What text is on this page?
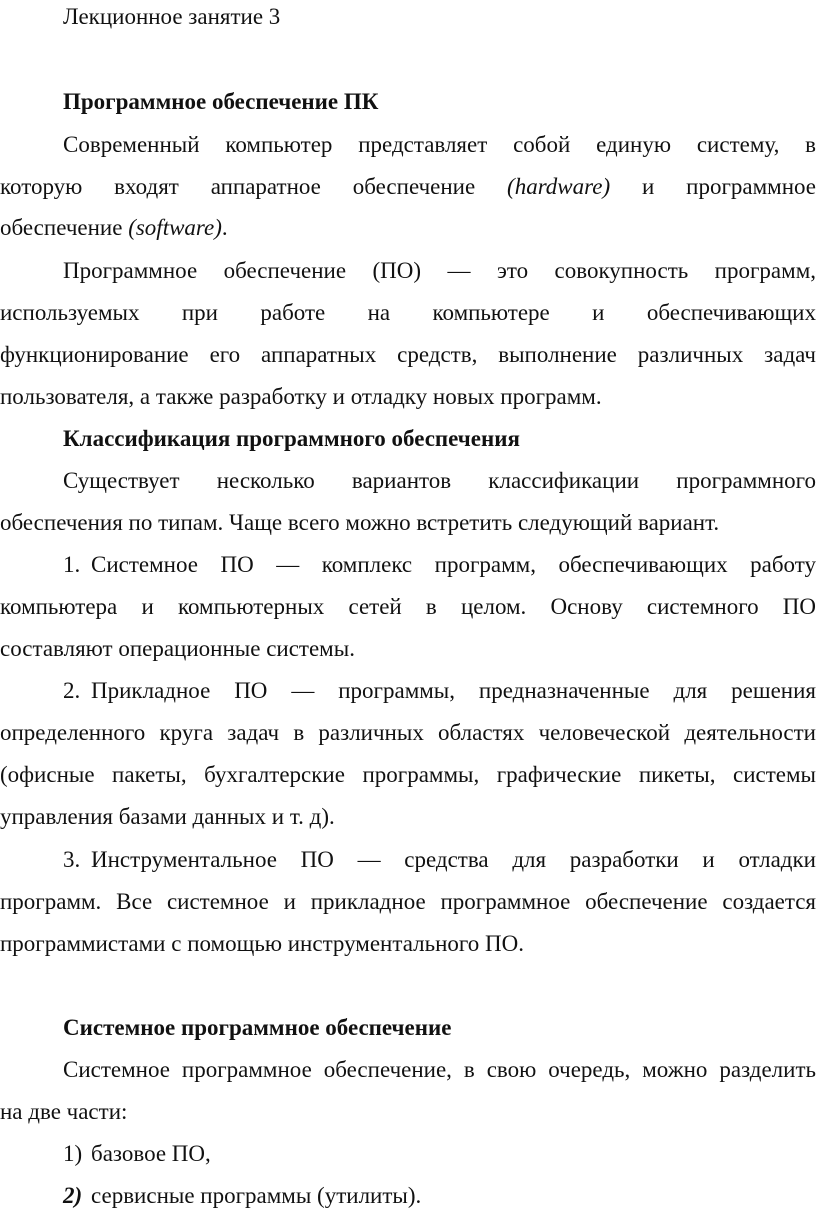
Лекционное занятие 3
Программное обеспечение ПК
Современный компьютер представляет собой единую систему, в
которую входят аппаратное обеспечение (hardware) и программное
обеспечение (software).
Программное обеспечение (ПО) — это совокупность программ,
используемых при работе на компьютере и обеспечивающих
функционирование его аппаратных средств, выполнение различных задач
пользователя, а также разработку и отладку новых программ.
Классификация программного обеспечения
Существует несколько вариантов классификации программного
обеспечения по типам. Чаще всего можно встретить следующий вариант.
1. Системное ПО — комплекс программ, обеспечивающих работу
компьютера и компьютерных сетей в целом. Основу системного ПО
составляют операционные системы.
2. Прикладное ПО — программы, предназначенные для решения
определенного круга задач в различных областях человеческой деятельности
(офисные пакеты, бухгалтерские программы, графические пикеты, системы
управления базами данных и т. д).
3. Инструментальное ПО — средства для разработки и отладки
программ. Все системное и прикладное программное обеспечение создается
программистами с помощью инструментального ПО.
Системное программное обеспечение
Системное программное обеспечение, в свою очередь, можно разделить
на две части:
1) базовое ПО,
2) сервисные программы (утилиты).
